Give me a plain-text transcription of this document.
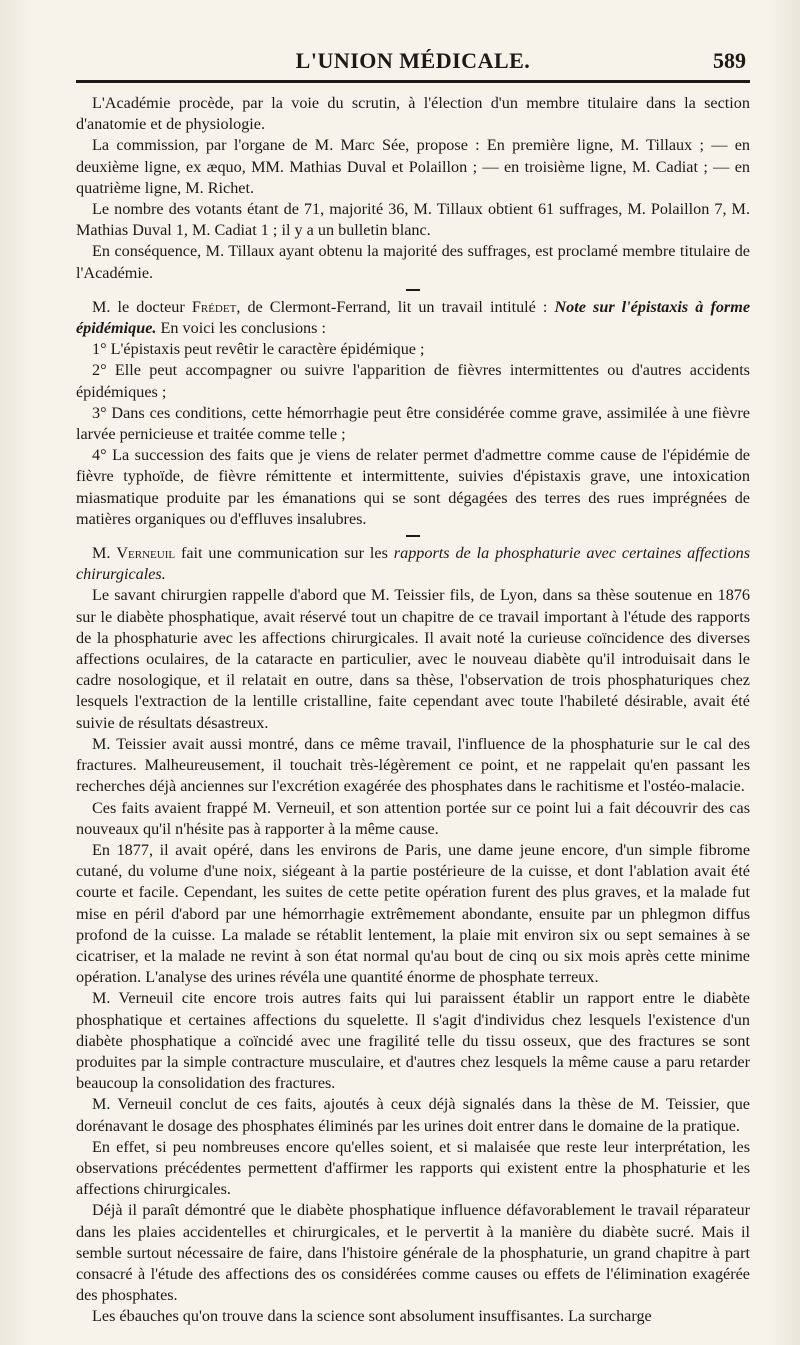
L'UNION MÉDICALE.	589

L'Académie procède, par la voie du scrutin, à l'élection d'un membre titulaire dans la section d'anatomie et de physiologie.

La commission, par l'organe de M. Marc Sée, propose : En première ligne, M. Tillaux ; — en deuxième ligne, ex æquo, MM. Mathias Duval et Polaillon ; — en troisième ligne, M. Cadiat ; — en quatrième ligne, M. Richet.

Le nombre des votants étant de 71, majorité 36, M. Tillaux obtient 61 suffrages, M. Polaillon 7, M. Mathias Duval 1, M. Cadiat 1 ; il y a un bulletin blanc.

En conséquence, M. Tillaux ayant obtenu la majorité des suffrages, est proclamé membre titulaire de l'Académie.

M. le docteur Frédet, de Clermont-Ferrand, lit un travail intitulé : Note sur l'épistaxis à forme épidémique. En voici les conclusions :

1° L'épistaxis peut revêtir le caractère épidémique ;

2° Elle peut accompagner ou suivre l'apparition de fièvres intermittentes ou d'autres accidents épidémiques ;

3° Dans ces conditions, cette hémorrhagie peut être considérée comme grave, assimilée à une fièvre larvée pernicieuse et traitée comme telle ;

4° La succession des faits que je viens de relater permet d'admettre comme cause de l'épidémie de fièvre typhoïde, de fièvre rémittente et intermittente, suivies d'épistaxis grave, une intoxication miasmatique produite par les émanations qui se sont dégagées des terres des rues imprégnées de matières organiques ou d'effluves insalubres.

M. Verneuil fait une communication sur les rapports de la phosphaturie avec certaines affections chirurgicales.

Le savant chirurgien rappelle d'abord que M. Teissier fils, de Lyon, dans sa thèse soutenue en 1876 sur le diabète phosphatique, avait réservé tout un chapitre de ce travail important à l'étude des rapports de la phosphaturie avec les affections chirurgicales. Il avait noté la curieuse coïncidence des diverses affections oculaires, de la cataracte en particulier, avec le nouveau diabète qu'il introduisait dans le cadre nosologique, et il relatait en outre, dans sa thèse, l'observation de trois phosphaturiques chez lesquels l'extraction de la lentille cristalline, faite cependant avec toute l'habileté désirable, avait été suivie de résultats désastreux.

M. Teissier avait aussi montré, dans ce même travail, l'influence de la phosphaturie sur le cal des fractures. Malheureusement, il touchait très-légèrement ce point, et ne rappelait qu'en passant les recherches déjà anciennes sur l'excrétion exagérée des phosphates dans le rachitisme et l'ostéo-malacie.

Ces faits avaient frappé M. Verneuil, et son attention portée sur ce point lui a fait découvrir des cas nouveaux qu'il n'hésite pas à rapporter à la même cause.

En 1877, il avait opéré, dans les environs de Paris, une dame jeune encore, d'un simple fibrome cutané, du volume d'une noix, siégeant à la partie postérieure de la cuisse, et dont l'ablation avait été courte et facile. Cependant, les suites de cette petite opération furent des plus graves, et la malade fut mise en péril d'abord par une hémorrhagie extrêmement abondante, ensuite par un phlegmon diffus profond de la cuisse. La malade se rétablit lentement, la plaie mit environ six ou sept semaines à se cicatriser, et la malade ne revint à son état normal qu'au bout de cinq ou six mois après cette minime opération. L'analyse des urines révéla une quantité énorme de phosphate terreux.

M. Verneuil cite encore trois autres faits qui lui paraissent établir un rapport entre le diabète phosphatique et certaines affections du squelette. Il s'agit d'individus chez lesquels l'existence d'un diabète phosphatique a coïncidé avec une fragilité telle du tissu osseux, que des fractures se sont produites par la simple contracture musculaire, et d'autres chez lesquels la même cause a paru retarder beaucoup la consolidation des fractures.

M. Verneuil conclut de ces faits, ajoutés à ceux déjà signalés dans la thèse de M. Teissier, que dorénavant le dosage des phosphates éliminés par les urines doit entrer dans le domaine de la pratique.

En effet, si peu nombreuses encore qu'elles soient, et si malaisée que reste leur interprétation, les observations précédentes permettent d'affirmer les rapports qui existent entre la phosphaturie et les affections chirurgicales.

Déjà il paraît démontré que le diabète phosphatique influence défavorablement le travail réparateur dans les plaies accidentelles et chirurgicales, et le pervertit à la manière du diabète sucré. Mais il semble surtout nécessaire de faire, dans l'histoire générale de la phosphaturie, un grand chapitre à part consacré à l'étude des affections des os considérées comme causes ou effets de l'élimination exagérée des phosphates.

Les ébauches qu'on trouve dans la science sont absolument insuffisantes. La surcharge
